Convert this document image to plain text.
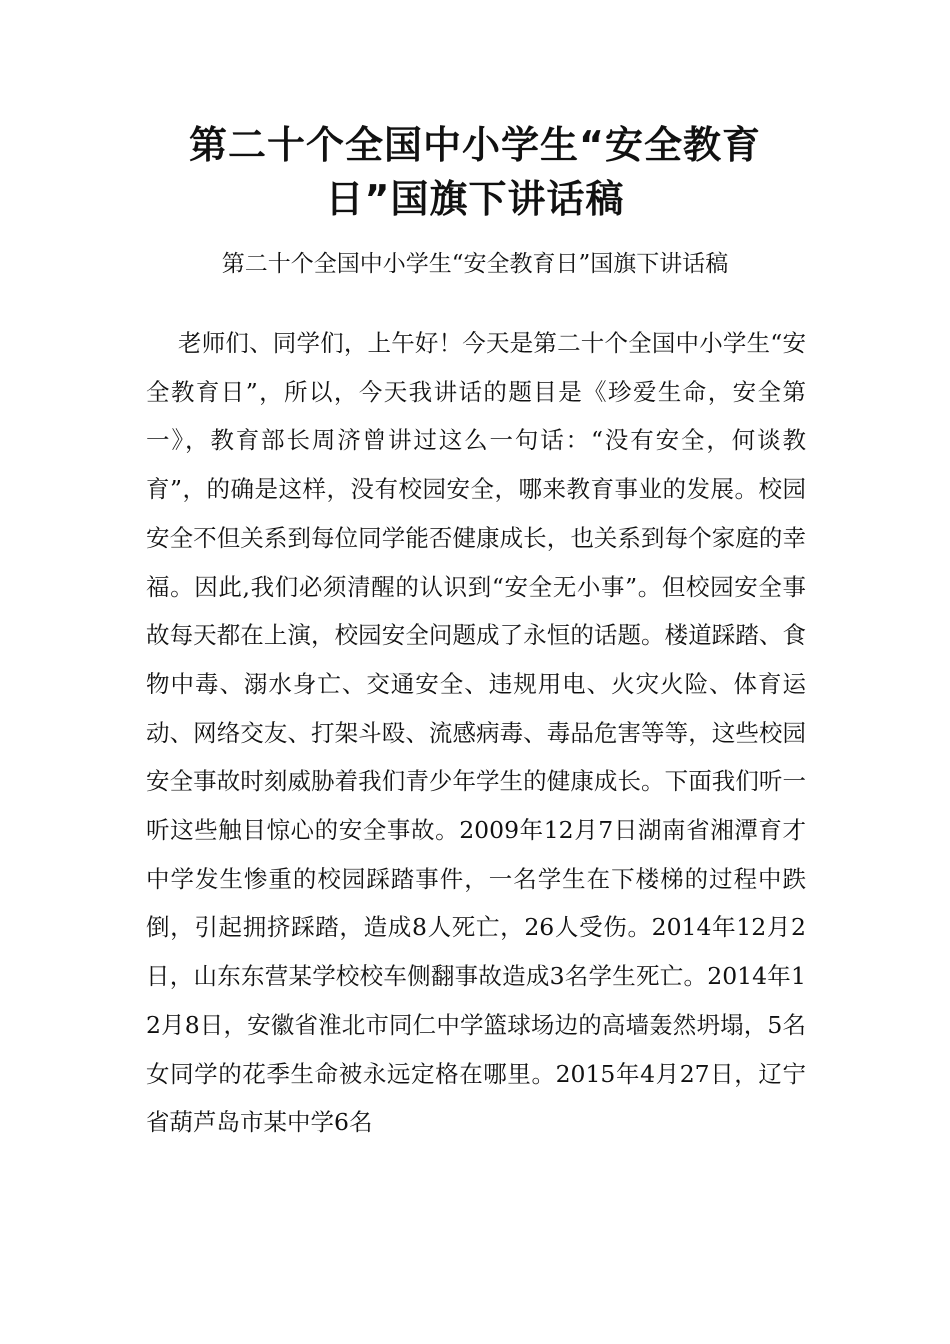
第二十个全国中小学生“安全教育日”国旗下讲话稿

第二十个全国中小学生“安全教育日”国旗下讲话稿

老师们、同学们，上午好！今天是第二十个全国中小学生“安全教育日”，所以，今天我讲话的题目是《珍爱生命，安全第一》，教育部长周济曾讲过这么一句话：“没有安全，何谈教育”，的确是这样，没有校园安全，哪来教育事业的发展。校园安全不但关系到每位同学能否健康成长，也关系到每个家庭的幸福。因此,我们必须清醒的认识到“安全无小事”。但校园安全事故每天都在上演，校园安全问题成了永恒的话题。楼道踩踏、食物中毒、溺水身亡、交通安全、违规用电、火灾火险、体育运动、网络交友、打架斗殴、流感病毒、毒品危害等等，这些校园安全事故时刻威胁着我们青少年学生的健康成长。下面我们听一听这些触目惊心的安全事故。2009年12月7日湖南省湘潭育才中学发生惨重的校园踩踏事件，一名学生在下楼梯的过程中跌倒，引起拥挤踩踏，造成8人死亡，26人受伤。2014年12月2日，山东东营某学校校车侧翻事故造成3名学生死亡。2014年12月8日，安徽省淮北市同仁中学篮球场边的高墙轰然坍塌，5名女同学的花季生命被永远定格在哪里。2015年4月27日，辽宁省葫芦岛市某中学6名
